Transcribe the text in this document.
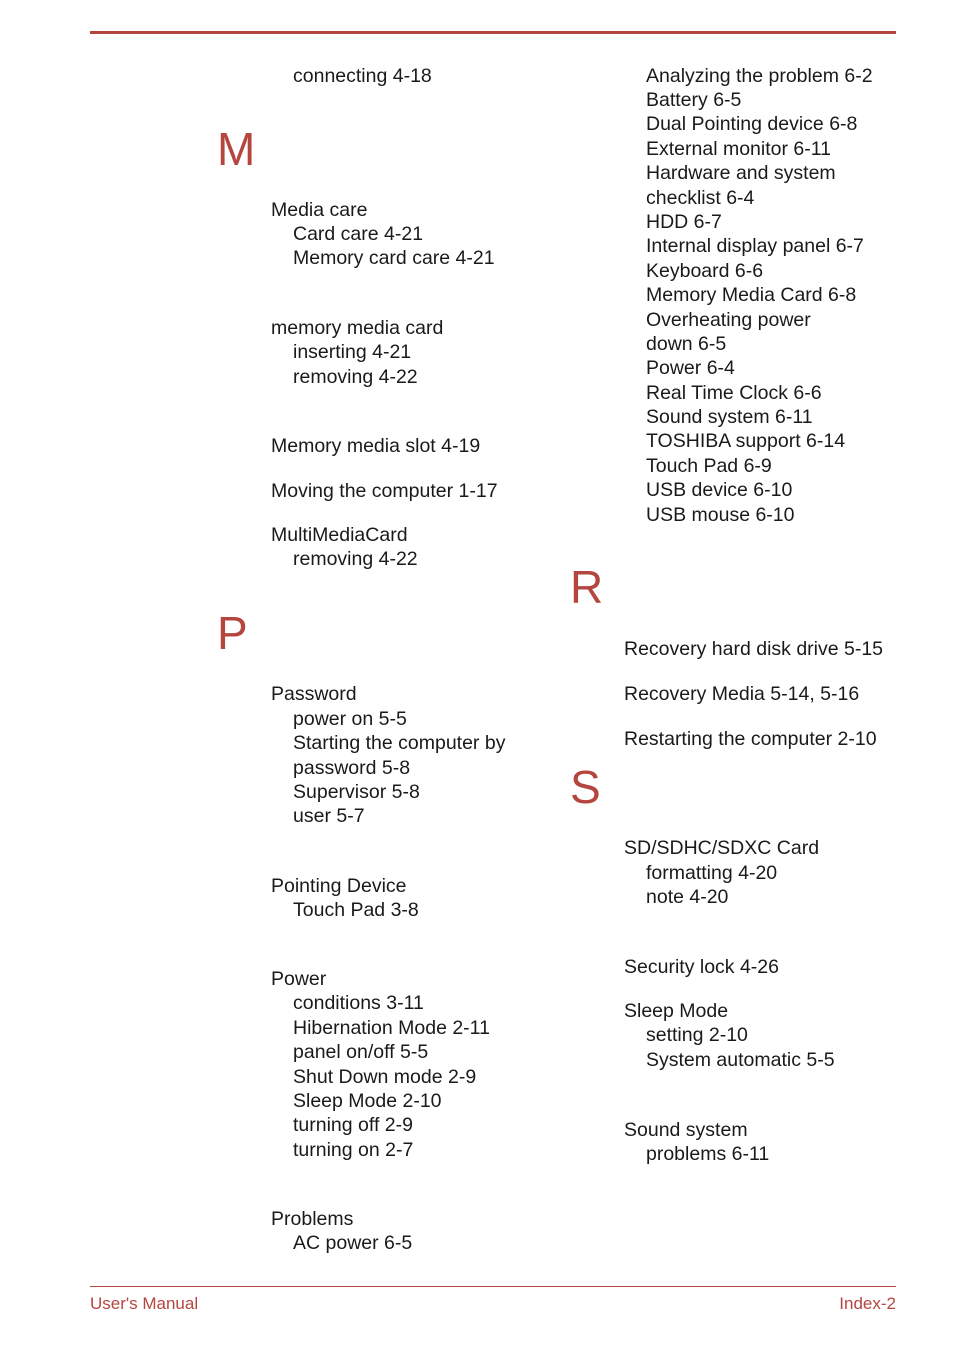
connecting 4-18
M
Media care
Card care 4-21
Memory card care 4-21
memory media card
inserting 4-21
removing 4-22
Memory media slot 4-19
Moving the computer 1-17
MultiMediaCard
removing 4-22
P
Password
power on 5-5
Starting the computer by
password 5-8
Supervisor 5-8
user 5-7
Pointing Device
Touch Pad 3-8
Power
conditions 3-11
Hibernation Mode 2-11
panel on/off 5-5
Shut Down mode 2-9
Sleep Mode 2-10
turning off 2-9
turning on 2-7
Problems
AC power 6-5
Analyzing the problem 6-2
Battery 6-5
Dual Pointing device 6-8
External monitor 6-11
Hardware and system
checklist 6-4
HDD 6-7
Internal display panel 6-7
Keyboard 6-6
Memory Media Card 6-8
Overheating power
down 6-5
Power 6-4
Real Time Clock 6-6
Sound system 6-11
TOSHIBA support 6-14
Touch Pad 6-9
USB device 6-10
USB mouse 6-10
R
Recovery hard disk drive 5-15
Recovery Media 5-14, 5-16
Restarting the computer 2-10
S
SD/SDHC/SDXC Card
formatting 4-20
note 4-20
Security lock 4-26
Sleep Mode
setting 2-10
System automatic 5-5
Sound system
problems 6-11
User's Manual	Index-2
